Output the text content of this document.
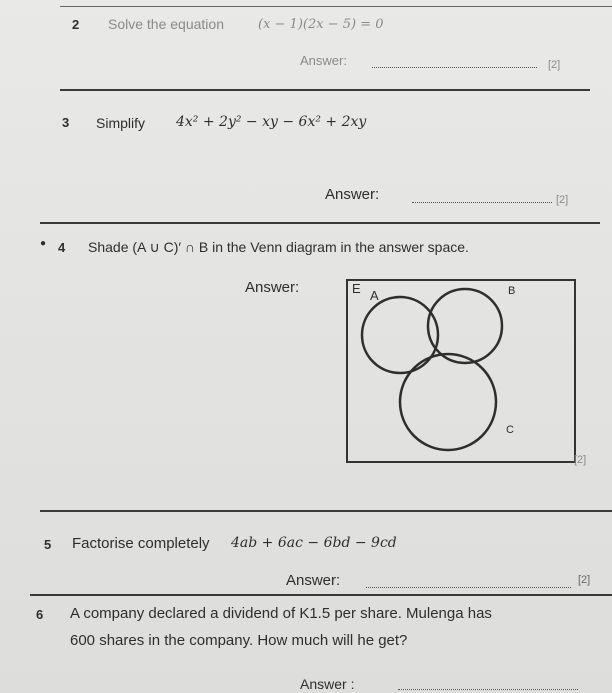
2 Solve the equation	(x − 1)(2x − 5) = 0
Answer:	[2]
3 Simplify 4x² + 2y² − xy − 6x² + 2xy
Answer:	[2]
● 4 Shade (A ∪ C)′ ∩ B in the Venn diagram in the answer space.
Answer:	E A	B
C
[2]
5 Factorise completely 4ab + 6ac − 6bd − 9cd
Answer:	[2]
6 A company declared a dividend of K1.5 per share. Mulenga has
600 shares in the company. How much will he get?
Answer :
